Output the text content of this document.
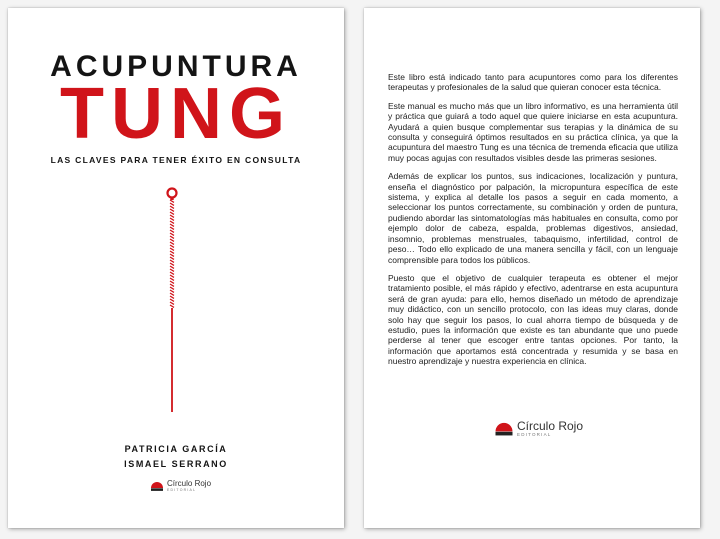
ACUPUNTURA
TUNG
LAS CLAVES PARA TENER ÉXITO EN CONSULTA
PATRICIA GARCÍA
ISMAEL SERRANO
Círculo Rojo
EDITORIAL

Este libro está indicado tanto para acupuntores como para los diferentes terapeutas y profesionales de la salud que quieran conocer esta técnica.

Este manual es mucho más que un libro informativo, es una herramienta útil y práctica que guiará a todo aquel que quiere iniciarse en esta acupuntura. Ayudará a quien busque complementar sus terapias y la dinámica de su consulta y conseguirá óptimos resultados en su práctica clínica, ya que la acupuntura del maestro Tung es una técnica de tremenda eficacia que utiliza muy pocas agujas con resultados visibles desde las primeras sesiones.

Además de explicar los puntos, sus indicaciones, localización y puntura, enseña el diagnóstico por palpación, la micropuntura específica de este sistema, y explica al detalle los pasos a seguir en cada momento, a seleccionar los puntos correctamente, su combinación y orden de puntura, pudiendo abordar las sintomatologías más habituales en consulta, como por ejemplo dolor de cabeza, espalda, problemas digestivos, ansiedad, insomnio, problemas menstruales, tabaquismo, infertilidad, control de peso… Todo ello explicado de una manera sencilla y fácil, con un lenguaje comprensible para todos los públicos.

Puesto que el objetivo de cualquier terapeuta es obtener el mejor tratamiento posible, el más rápido y efectivo, adentrarse en esta acupuntura será de gran ayuda: para ello, hemos diseñado un método de aprendizaje muy didáctico, con un sencillo protocolo, con las ideas muy claras, donde solo hay que seguir los pasos, lo cual ahorra tiempo de búsqueda y de estudio, pues la información que existe es tan abundante que uno puede perderse al tener que escoger entre tantas opciones. Por tanto, la información que aportamos está concentrada y resumida y se basa en nuestro aprendizaje y nuestra experiencia en clínica.

Círculo Rojo
EDITORIAL
